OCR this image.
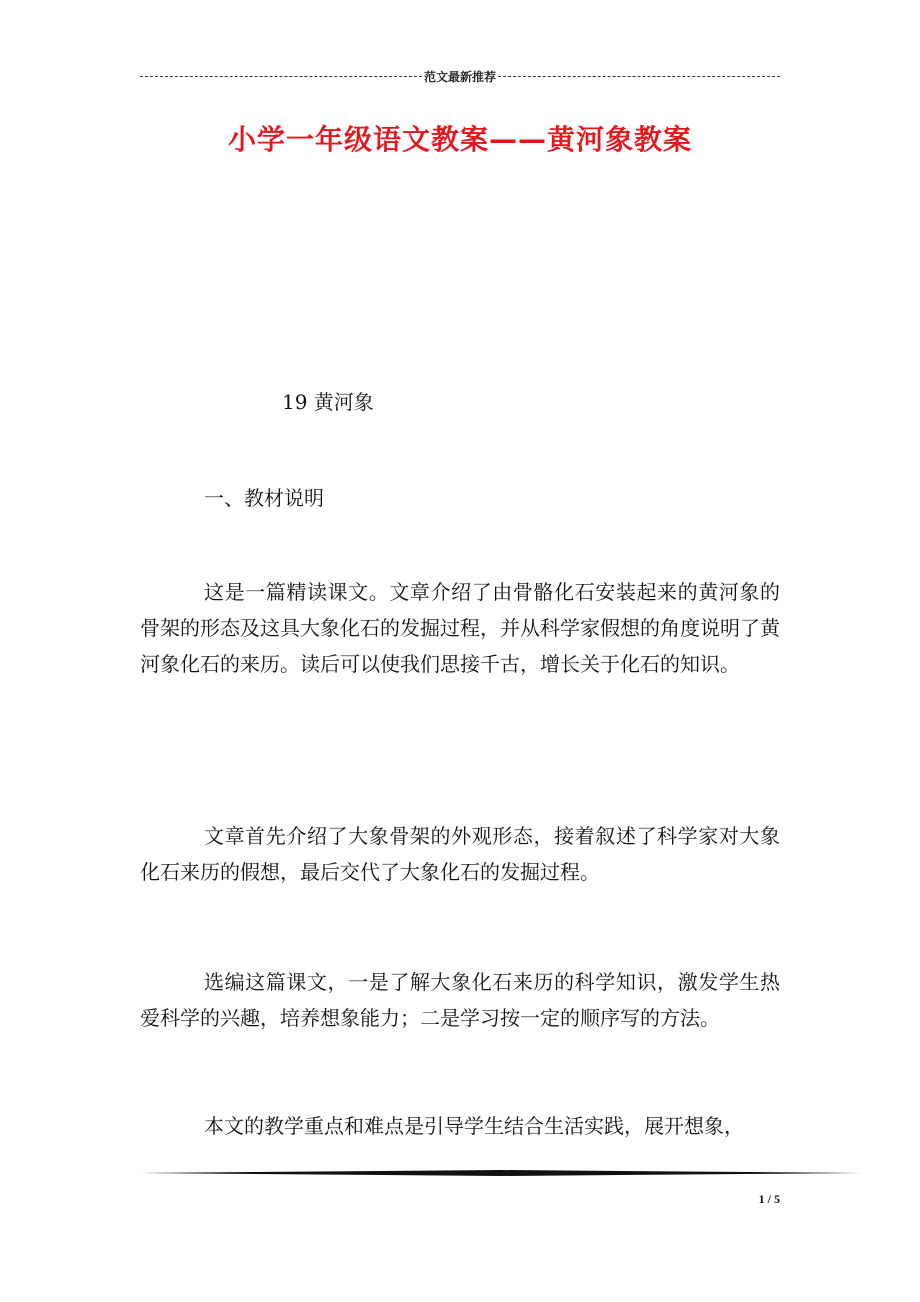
范文最新推荐
小学一年级语文教案——黄河象教案
19 黄河象
一、教材说明

这是一篇精读课文。文章介绍了由骨骼化石安装起来的黄河象的骨架的形态及这具大象化石的发掘过程，并从科学家假想的角度说明了黄河象化石的来历。读后可以使我们思接千古，增长关于化石的知识。

文章首先介绍了大象骨架的外观形态，接着叙述了科学家对大象化石来历的假想，最后交代了大象化石的发掘过程。

选编这篇课文，一是了解大象化石来历的科学知识，激发学生热爱科学的兴趣，培养想象能力；二是学习按一定的顺序写的方法。

本文的教学重点和难点是引导学生结合生活实践，展开想象，

1 / 5
